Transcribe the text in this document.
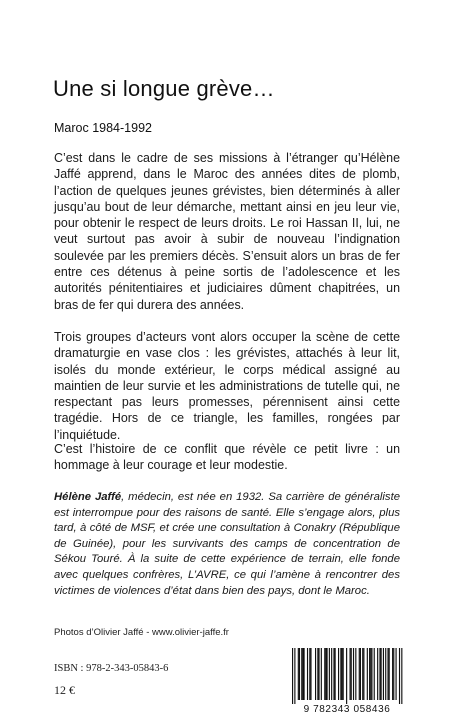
Une si longue grève…
Maroc 1984-1992

C’est dans le cadre de ses missions à l’étranger qu’Hélène Jaffé apprend, dans le Maroc des années dites de plomb, l’action de quelques jeunes grévistes, bien déterminés à aller jusqu’au bout de leur démarche, mettant ainsi en jeu leur vie, pour obtenir le respect de leurs droits. Le roi Hassan II, lui, ne veut surtout pas avoir à subir de nouveau l’indignation soulevée par les premiers décès. S’ensuit alors un bras de fer entre ces détenus à peine sortis de l’adolescence et les autorités pénitentiaires et judiciaires dûment chapitrées, un bras de fer qui durera des années.

Trois groupes d’acteurs vont alors occuper la scène de cette dramaturgie en vase clos : les grévistes, attachés à leur lit, isolés du monde extérieur, le corps médical assigné au maintien de leur survie et les administrations de tutelle qui, ne respectant pas leurs promesses, pérennisent ainsi cette tragédie. Hors de ce triangle, les familles, rongées par l’inquiétude.

C’est l’histoire de ce conflit que révèle ce petit livre : un hommage à leur courage et leur modestie.

Hélène Jaffé, médecin, est née en 1932. Sa carrière de généraliste est interrompue pour des raisons de santé. Elle s’engage alors, plus tard, à côté de MSF, et crée une consultation à Conakry (République de Guinée), pour les survivants des camps de concentration de Sékou Touré. À la suite de cette expérience de terrain, elle fonde avec quelques confrères, L’AVRE, ce qui l’amène à rencontrer des victimes de violences d’état dans bien des pays, dont le Maroc.

Photos d’Olivier Jaffé - www.olivier-jaffe.fr
ISBN : 978-2-343-05843-6
12 €
9 782343 058436
